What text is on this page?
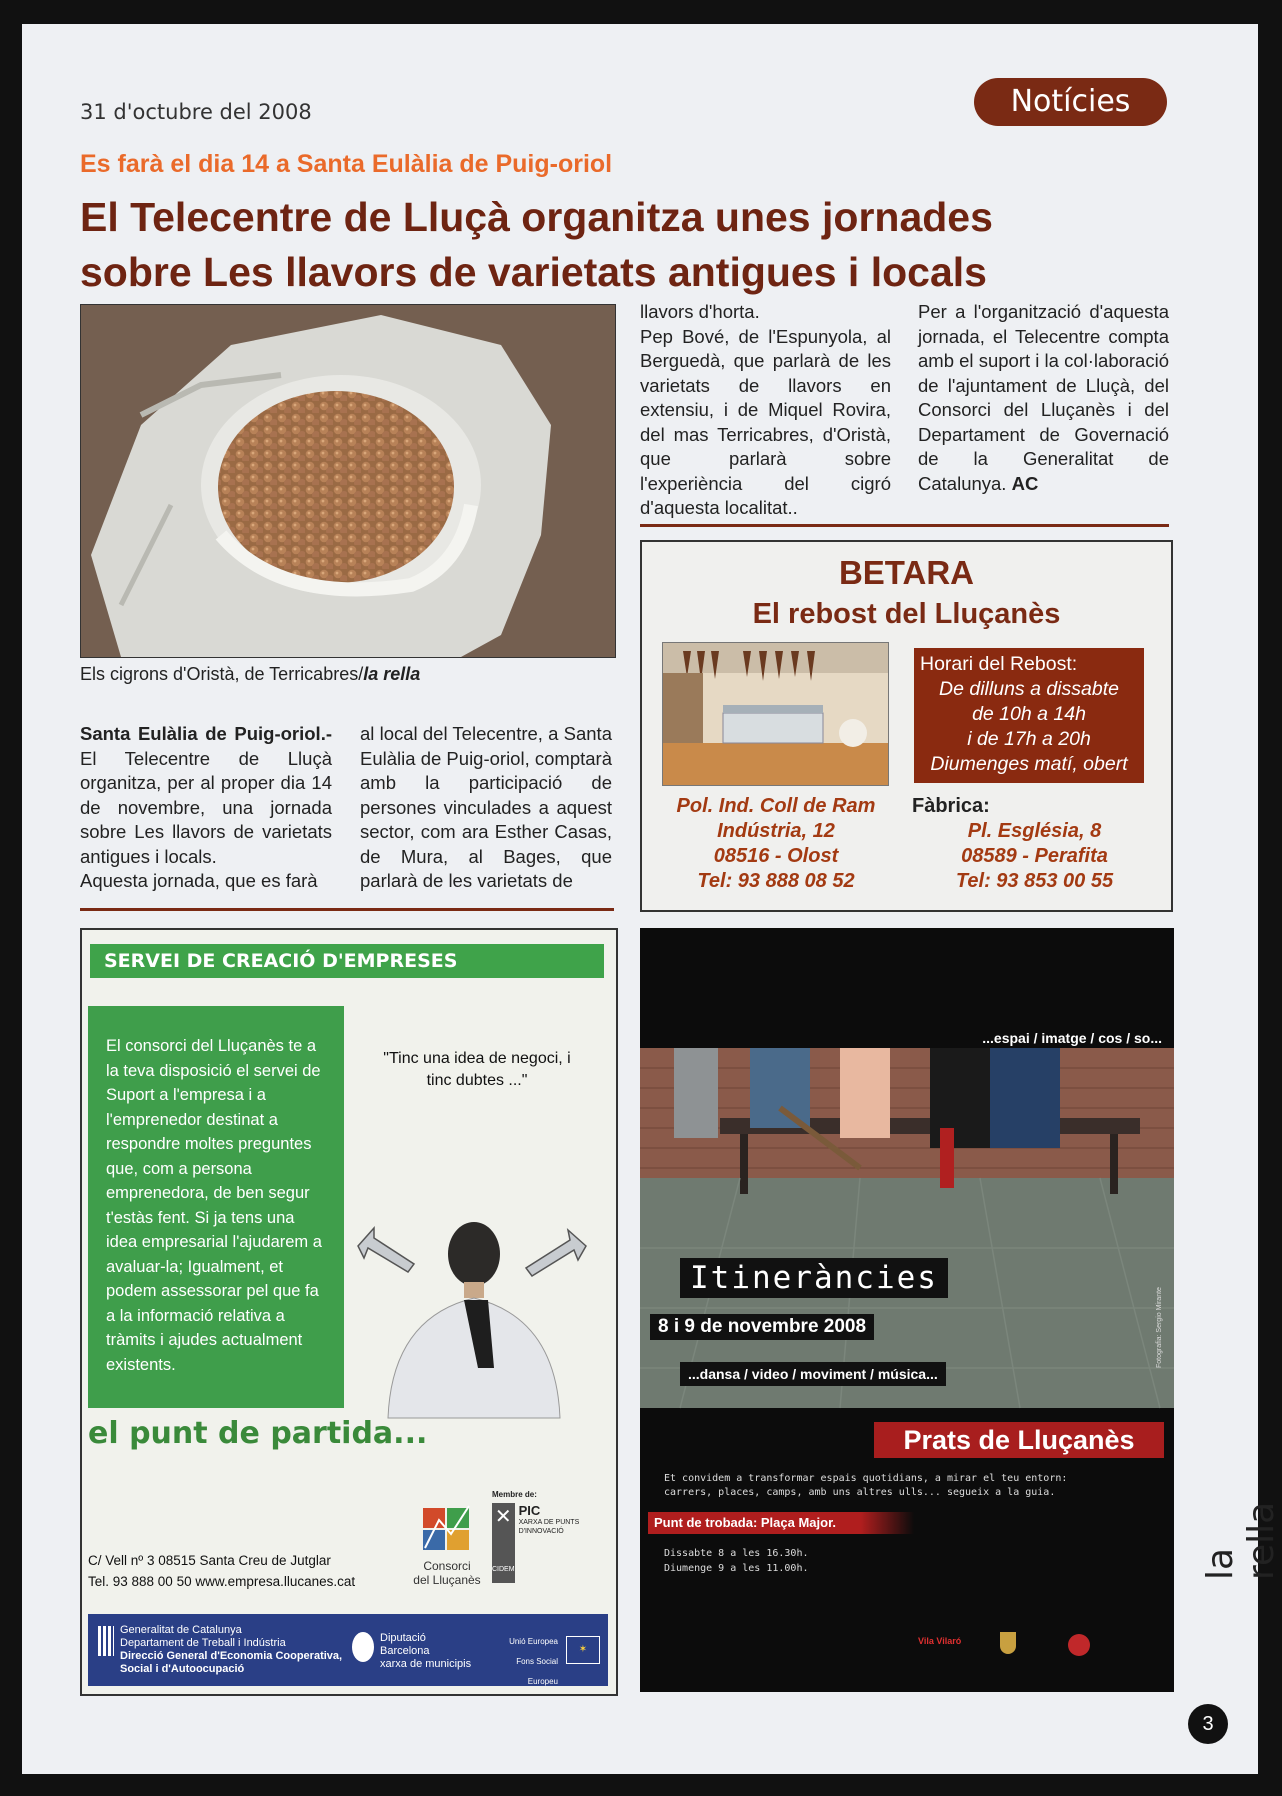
31 d'octubre del 2008	Notícies
Es farà el dia 14 a Santa Eulàlia de Puig-oriol
El Telecentre de Lluçà organitza unes jornades
sobre Les llavors de varietats antigues i locals
Els cigrons d'Oristà, de Terricabres/la rella
Santa Eulàlia de Puig-oriol.- El Telecentre de Lluçà organitza, per al proper dia 14 de novembre, una jornada sobre Les llavors de varietats antigues i locals.
Aquesta jornada, que es farà
al local del Telecentre, a Santa Eulàlia de Puig-oriol, comptarà amb la participació de persones vinculades a aquest sector, com ara Esther Casas, de Mura, al Bages, que parlarà de les varietats de
llavors d'horta.
Pep Bové, de l'Espunyola, al Berguedà, que parlarà de les varietats de llavors en extensiu, i de Miquel Rovira, del mas Terricabres, d'Oristà, que parlarà sobre l'experiència del cigró d'aquesta localitat..
Per a l'organització d'aquesta jornada, el Telecentre compta amb el suport i la col·laboració de l'ajuntament de Lluçà, del Consorci del Lluçanès i del Departament de Governació de la Generalitat de Catalunya. AC
BETARA
El rebost del Lluçanès
Horari del Rebost:
De dilluns a dissabte
de 10h a 14h
i de 17h a 20h
Diumenges matí, obert
Pol. Ind. Coll de Ram
Indústria, 12
08516 - Olost
Tel: 93 888 08 52
Fàbrica:
Pl. Església, 8
08589 - Perafita
Tel: 93 853 00 55
SERVEI DE CREACIÓ D'EMPRESES
El consorci del Lluçanès te a la teva disposició el servei de Suport a l'empresa i a l'emprenedor destinat a respondre moltes preguntes que, com a persona emprenedora, de ben segur t'estàs fent. Si ja tens una idea empresarial l'ajudarem a avaluar-la; Igualment, et podem assessorar pel que fa a la informació relativa a tràmits i ajudes actualment existents.
"Tinc una idea de negoci, i tinc dubtes ..."
el punt de partida...
C/ Vell nº 3 08515 Santa Creu de Jutglar
Tel. 93 888 00 50 www.empresa.llucanes.cat
Consorci
del Lluçanès
Membre de:
✕
CIDEM
PIC
XARXA DE PUNTS D'INNOVACIÓ
Generalitat de Catalunya
Departament de Treball i Indústria
Direcció General d'Economia Cooperativa,
Social i d'Autoocupació
Diputació
Barcelona
xarxa de municipis
Unió Europea
Fons Social Europeu
✶
...espai / imatge / cos / so...
Itineràncies
8 i 9 de novembre 2008
...dansa / video / moviment / música...
Fotografia: Sergio Mirante
Prats de Lluçanès
Et convidem a transformar espais quotidians, a mirar el teu entorn:
carrers, places, camps, amb uns altres ulls... segueix a la guia.
Punt de trobada: Plaça Major.
Dissabte 8 a les 16.30h.
Diumenge 9 a les 11.00h.
Vila Vilaró
la rella
3
